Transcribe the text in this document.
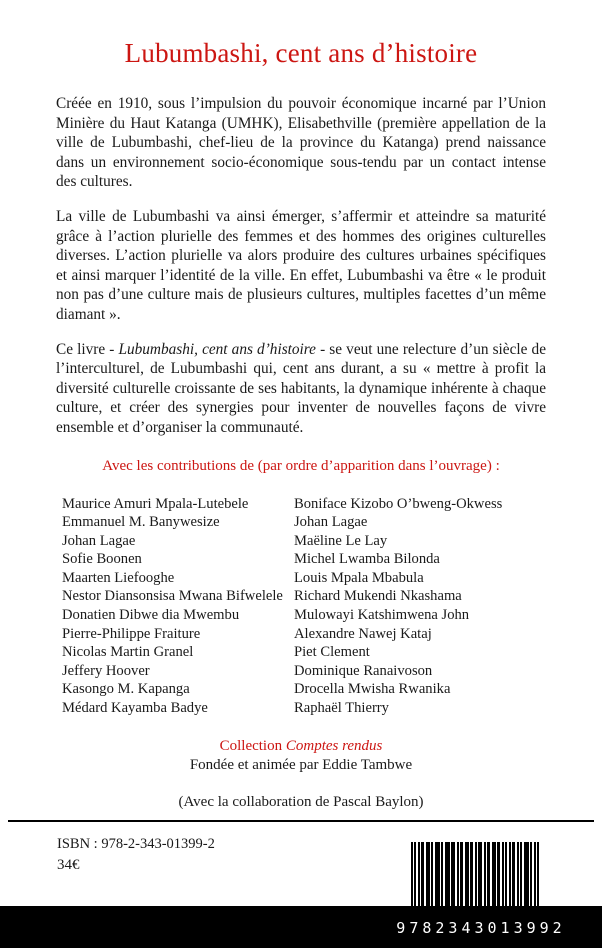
Lubumbashi, cent ans d’histoire
Créée en 1910, sous l’impulsion du pouvoir économique incarné par l’Union Minière du Haut Katanga (UMHK), Elisabethville (première appellation de la ville de Lubumbashi, chef-lieu de la province du Katanga) prend naissance dans un environnement socio-économique sous-tendu par un contact intense des cultures.
La ville de Lubumbashi va ainsi émerger, s’affermir et atteindre sa maturité grâce à l’action plurielle des femmes et des hommes des origines culturelles diverses. L’action plurielle va alors produire des cultures urbaines spécifiques et ainsi marquer l’identité de la ville. En effet, Lubumbashi va être « le produit non pas d’une culture mais de plusieurs cultures, multiples facettes d’un même diamant ».
Ce livre - Lubumbashi, cent ans d’histoire - se veut une relecture d’un siècle de l’interculturel, de Lubumbashi qui, cent ans durant, a su « mettre à profit la diversité culturelle croissante de ses habitants, la dynamique inhérente à chaque culture, et créer des synergies pour inventer de nouvelles façons de vivre ensemble et d’organiser la communauté.
Avec les contributions de (par ordre d’apparition dans l’ouvrage) :
Maurice Amuri Mpala-Lutebele
Emmanuel M. Banywesize
Johan Lagae
Sofie Boonen
Maarten Liefooghe
Nestor Diansonsisa Mwana Bifwelele
Donatien Dibwe dia Mwembu
Pierre-Philippe Fraiture
Nicolas Martin Granel
Jeffery Hoover
Kasongo M. Kapanga
Médard Kayamba Badye
Boniface Kizobo O’bweng-Okwess
Johan Lagae
Maëline Le Lay
Michel Lwamba Bilonda
Louis Mpala Mbabula
Richard Mukendi Nkashama
Mulowayi Katshimwena John
Alexandre Nawej Kataj
Piet Clement
Dominique Ranaivoson
Drocella Mwisha Rwanika
Raphaël Thierry
Collection Comptes rendus
Fondée et animée par Eddie Tambwe
(Avec la collaboration de Pascal Baylon)
ISBN : 978-2-343-01399-2
34€
9782343013992
